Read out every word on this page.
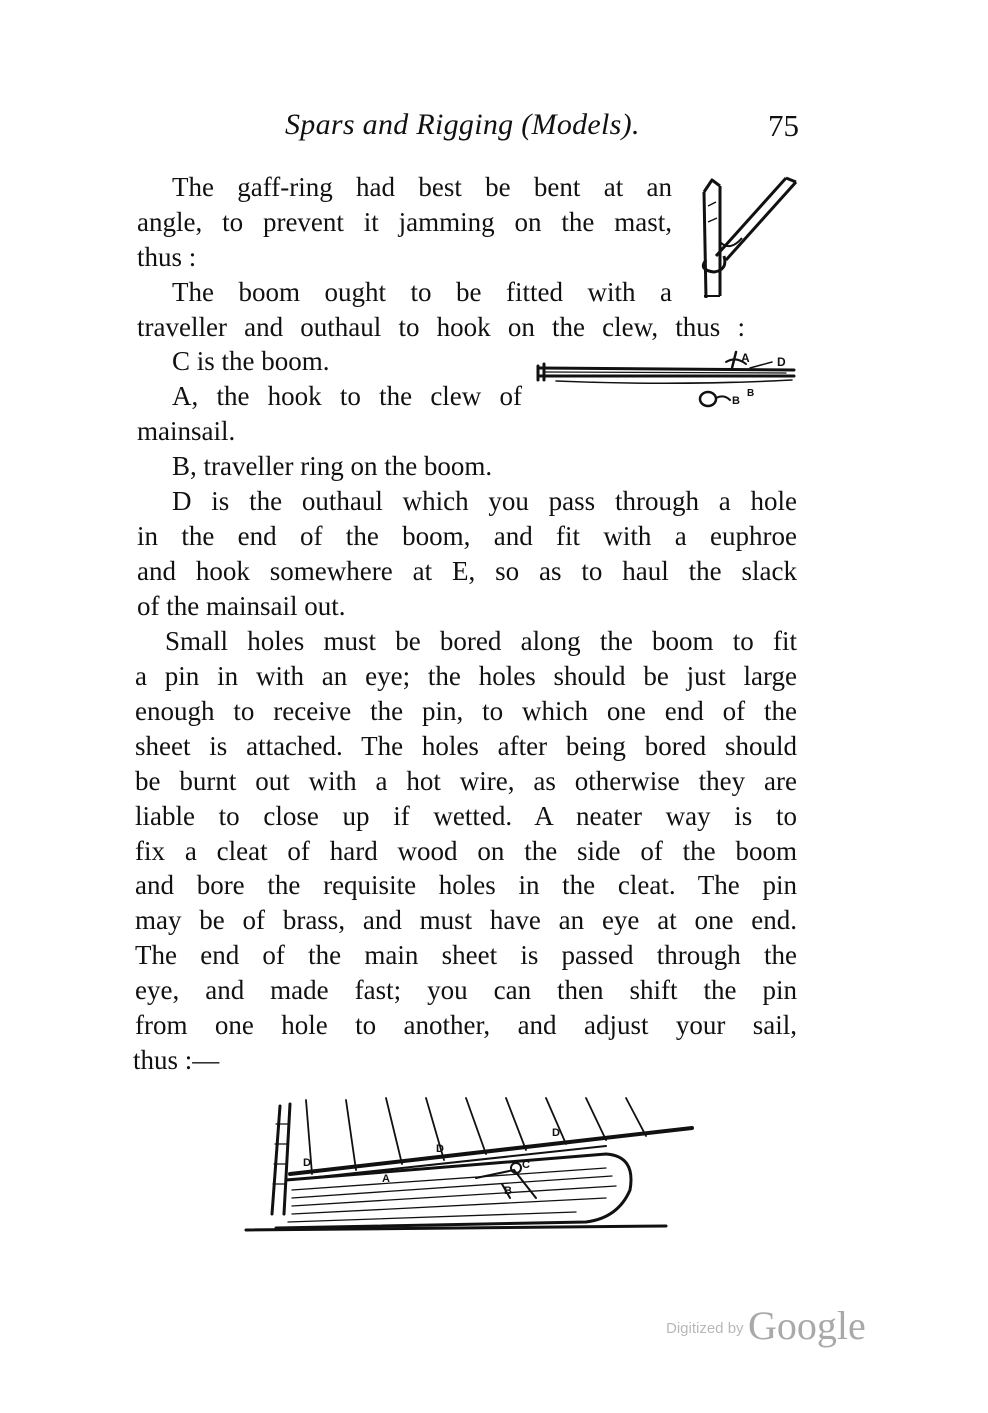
Spars and Rigging (Models).	75
The gaff-ring had best be bent at an
angle, to prevent it jamming on the mast,
thus :
The boom ought to be fitted with a
traveller and outhaul to hook on the clew, thus :
C is the boom.
A, the hook to the clew of
mainsail.
B, traveller ring on the boom.
D is the outhaul which you pass through a hole
in the end of the boom, and fit with a euphroe
and hook somewhere at E, so as to haul the slack
of the mainsail out.
Small holes must be bored along the boom to fit
a pin in with an eye; the holes should be just large
enough to receive the pin, to which one end of the
sheet is attached. The holes after being bored should
be burnt out with a hot wire, as otherwise they are
liable to close up if wetted. A neater way is to
fix a cleat of hard wood on the side of the boom
and bore the requisite holes in the cleat. The pin
may be of brass, and must have an eye at one end.
The end of the main sheet is passed through the
eye, and made fast; you can then shift the pin
from one hole to another, and adjust your sail,
thus :—
A D
B
B
D
D
D
A
B
C
Digitized by Google
